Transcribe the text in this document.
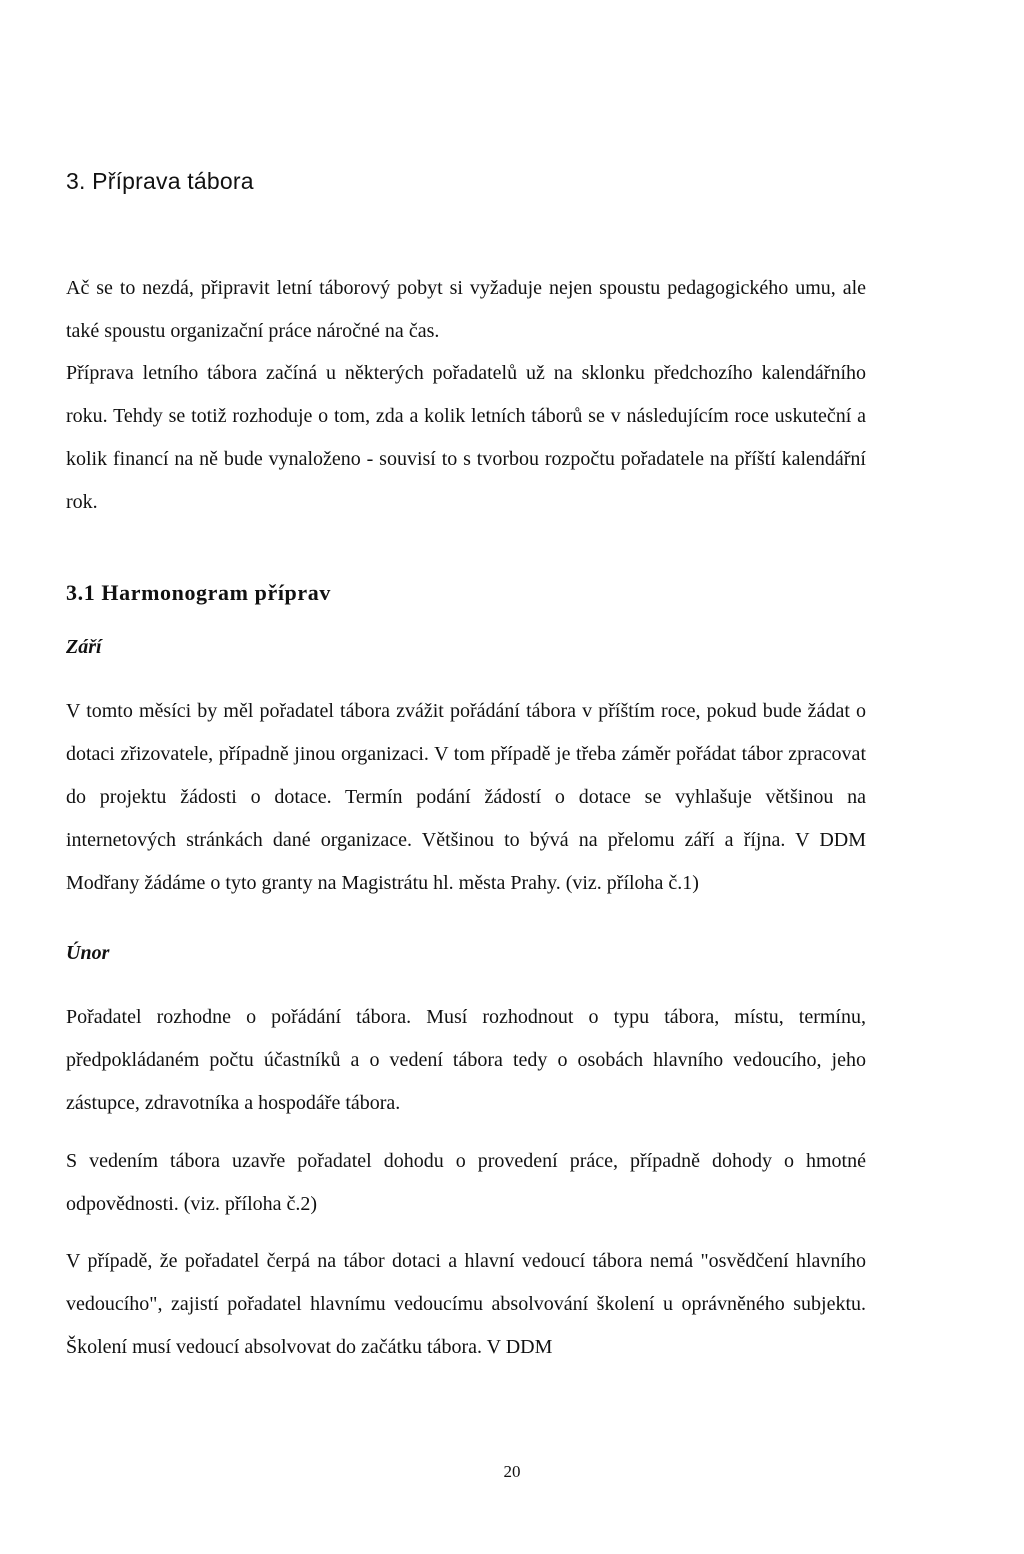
3. Příprava tábora

Ač se to nezdá, připravit letní táborový pobyt si vyžaduje nejen spoustu pedagogického umu, ale také spoustu organizační práce náročné na čas.

Příprava letního tábora začíná u některých pořadatelů už na sklonku předchozího kalendářního roku. Tehdy se totiž rozhoduje o tom, zda a kolik letních táborů se v následujícím roce uskuteční a kolik financí na ně bude vynaloženo - souvisí to s tvorbou rozpočtu pořadatele na příští kalendářní rok.

3.1 Harmonogram příprav
Září

V tomto měsíci by měl pořadatel tábora zvážit pořádání tábora v příštím roce, pokud bude žádat o dotaci zřizovatele, případně jinou organizaci. V tom případě je třeba záměr pořádat tábor zpracovat do projektu žádosti o dotace. Termín podání žádostí o dotace se vyhlašuje většinou na internetových stránkách dané organizace. Většinou to bývá na přelomu září a října. V DDM Modřany žádáme o tyto granty na Magistrátu hl. města Prahy. (viz. příloha č.1)

Únor

Pořadatel rozhodne o pořádání tábora. Musí rozhodnout o typu tábora, místu, termínu, předpokládaném počtu účastníků a o vedení tábora tedy o osobách hlavního vedoucího, jeho zástupce, zdravotníka a hospodáře tábora.

S vedením tábora uzavře pořadatel dohodu o provedení práce, případně dohody o hmotné odpovědnosti. (viz. příloha č.2)

V případě, že pořadatel čerpá na tábor dotaci a hlavní vedoucí tábora nemá "osvědčení hlavního vedoucího", zajistí pořadatel hlavnímu vedoucímu absolvování školení u oprávněného subjektu. Školení musí vedoucí absolvovat do začátku tábora. V DDM

20
